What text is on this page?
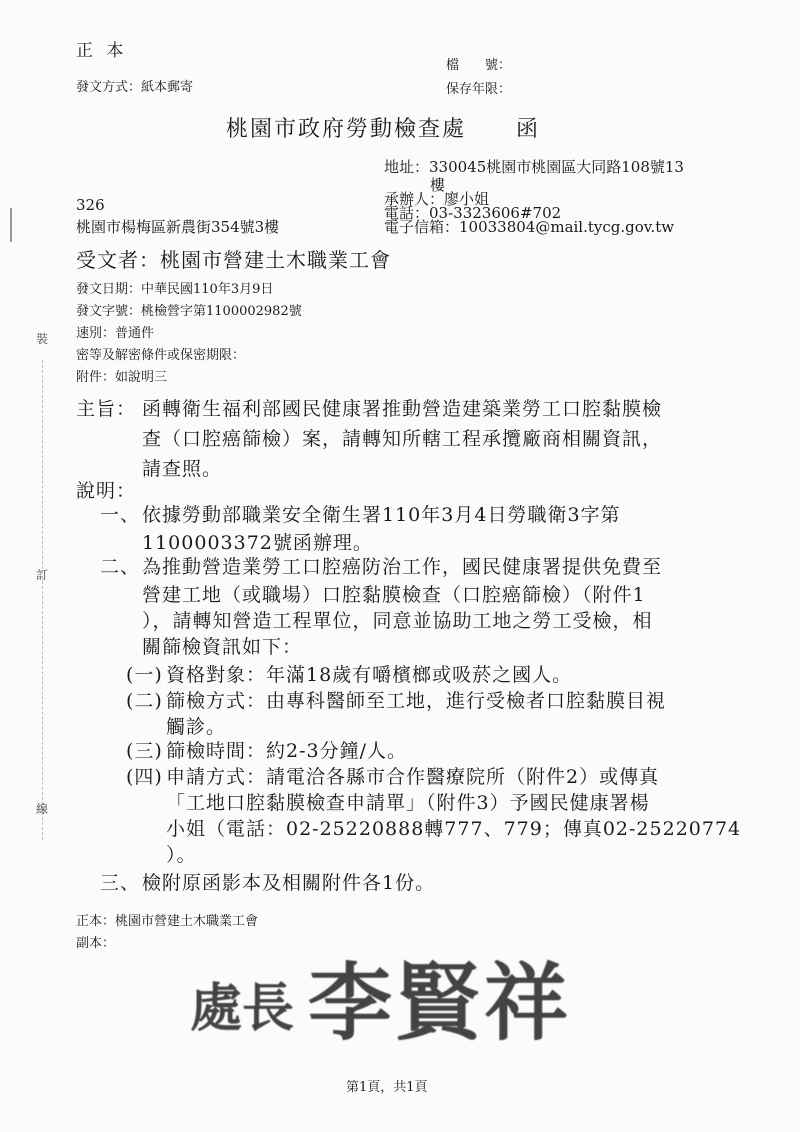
裝
訂
線
正 本
發文方式：紙本郵寄
檔　　號：
保存年限：
桃園市政府勞動檢查處 函
地址：330045桃園市桃園區大同路108號13
樓
承辦人：廖小姐
電話：03-3323606#702
電子信箱：10033804@mail.tycg.gov.tw
326
桃園市楊梅區新農街354號3樓
受文者：桃園市營建土木職業工會
發文日期：中華民國110年3月9日
發文字號：桃檢營字第1100002982號
速別：普通件
密等及解密條件或保密期限：
附件：如說明三
主旨： 函轉衛生福利部國民健康署推動營造建築業勞工口腔黏膜檢
查（口腔癌篩檢）案，請轉知所轄工程承攬廠商相關資訊，
請查照。
說明：
一、 依據勞動部職業安全衛生署110年3月4日勞職衛3字第
1100003372號函辦理。
二、 為推動營造業勞工口腔癌防治工作，國民健康署提供免費至
營建工地（或職場）口腔黏膜檢查（口腔癌篩檢）（附件1
），請轉知營造工程單位，同意並協助工地之勞工受檢，相
關篩檢資訊如下：
(一) 資格對象：年滿18歲有嚼檳榔或吸菸之國人。
(二) 篩檢方式：由專科醫師至工地，進行受檢者口腔黏膜目視
觸診。
(三) 篩檢時間：約2-3分鐘/人。
(四) 申請方式：請電洽各縣市合作醫療院所（附件2）或傳真
「工地口腔黏膜檢查申請單」（附件3）予國民健康署楊
小姐（電話：02-25220888轉777、779；傳真02-25220774
）。
三、 檢附原函影本及相關附件各1份。
正本：桃園市營建土木職業工會
副本：
處長 李賢祥
第1頁，共1頁
